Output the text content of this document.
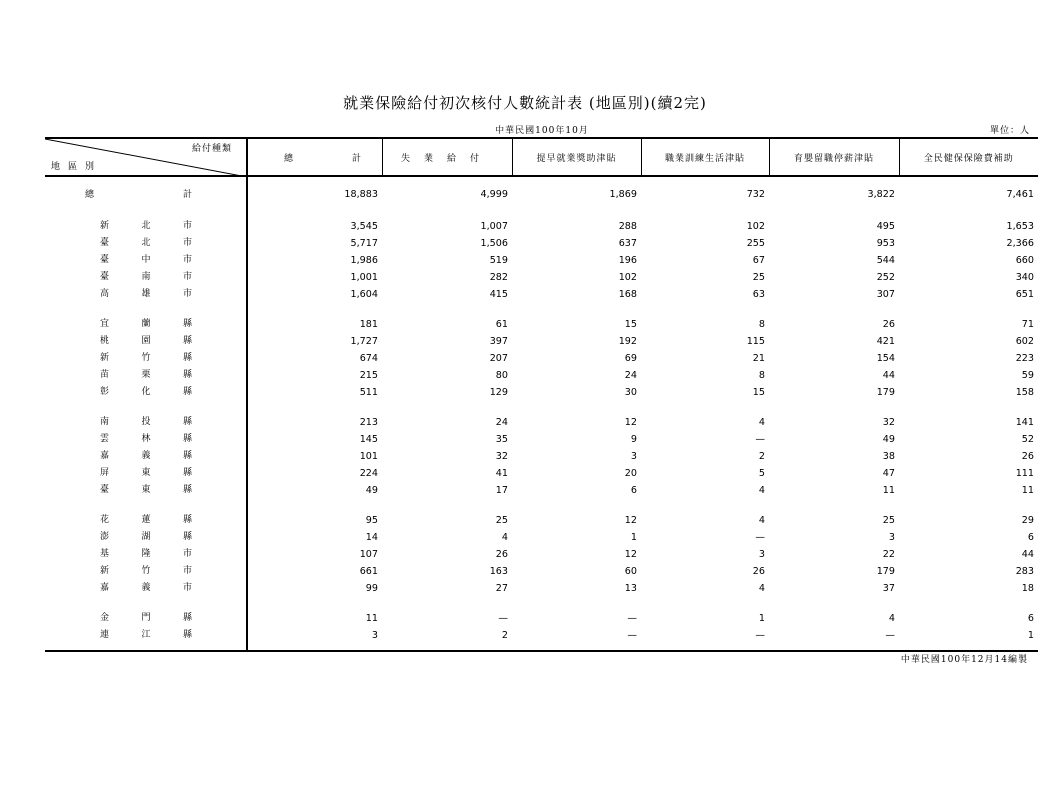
就業保險給付初次核付人數統計表 (地區別)(續2完)
中華民國100年10月	單位：人
給付種類
地區別	總　　計	失業給付	提早就業獎助津貼	職業訓練生活津貼	育嬰留職停薪津貼	全民健保保險費補助

總計	18,883	4,999	1,869	732	3,822	7,461

新北市	3,545	1,007	288	102	495	1,653

臺北市	5,717	1,506	637	255	953	2,366

臺中市	1,986	519	196	67	544	660

臺南市	1,001	282	102	25	252	340

高雄市	1,604	415	168	63	307	651

宜蘭縣	181	61	15	8	26	71

桃園縣	1,727	397	192	115	421	602

新竹縣	674	207	69	21	154	223

苗栗縣	215	80	24	8	44	59

彰化縣	511	129	30	15	179	158

南投縣	213	24	12	4	32	141

雲林縣	145	35	9	—	49	52

嘉義縣	101	32	3	2	38	26

屏東縣	224	41	20	5	47	111

臺東縣	49	17	6	4	11	11

花蓮縣	95	25	12	4	25	29

澎湖縣	14	4	1	—	3	6

基隆市	107	26	12	3	22	44

新竹市	661	163	60	26	179	283

嘉義市	99	27	13	4	37	18

金門縣	11	—	—	1	4	6

連江縣	3	2	—	—	—	1

中華民國100年12月14編製
